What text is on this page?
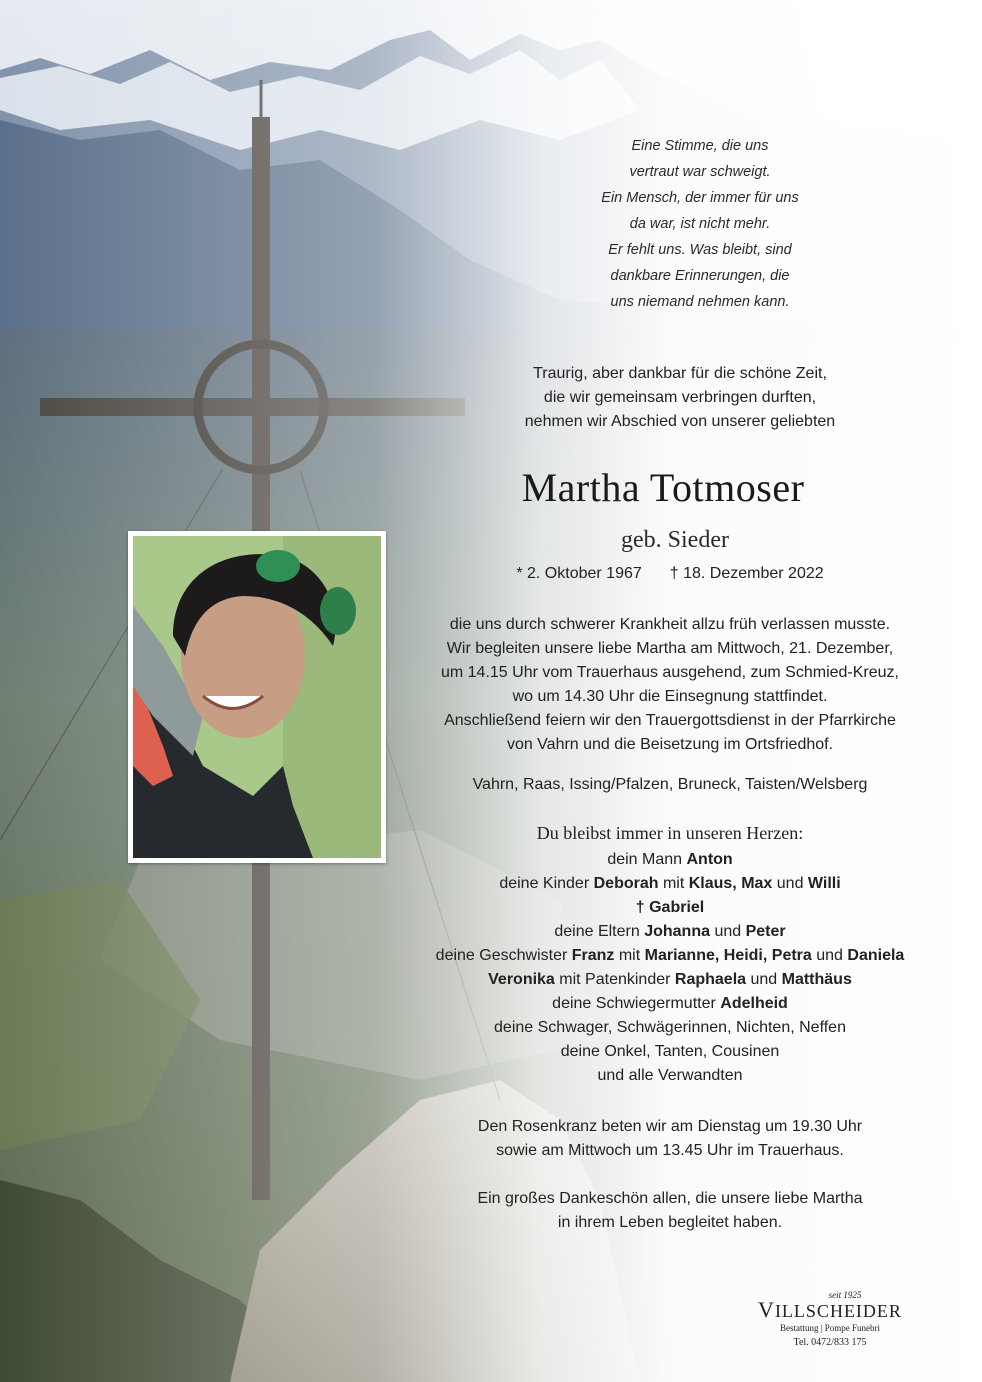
Eine Stimme, die uns
vertraut war schweigt.
Ein Mensch, der immer für uns
da war, ist nicht mehr.
Er fehlt uns. Was bleibt, sind
dankbare Erinnerungen, die
uns niemand nehmen kann.
Traurig, aber dankbar für die schöne Zeit,
die wir gemeinsam verbringen durften,
nehmen wir Abschied von unserer geliebten
Martha Totmoser
geb. Sieder
* 2. Oktober 1967 † 18. Dezember 2022
die uns durch schwerer Krankheit allzu früh verlassen musste.
Wir begleiten unsere liebe Martha am Mittwoch, 21. Dezember,
um 14.15 Uhr vom Trauerhaus ausgehend, zum Schmied-Kreuz,
wo um 14.30 Uhr die Einsegnung stattfindet.
Anschließend feiern wir den Trauergottsdienst in der Pfarrkirche
von Vahrn und die Beisetzung im Ortsfriedhof.
Vahrn, Raas, Issing/Pfalzen, Bruneck, Taisten/Welsberg
Du bleibst immer in unseren Herzen:
dein Mann Anton
deine Kinder Deborah mit Klaus, Max und Willi
† Gabriel
deine Eltern Johanna und Peter
deine Geschwister Franz mit Marianne, Heidi, Petra und Daniela
Veronika mit Patenkinder Raphaela und Matthäus
deine Schwiegermutter Adelheid
deine Schwager, Schwägerinnen, Nichten, Neffen
deine Onkel, Tanten, Cousinen
und alle Verwandten
Den Rosenkranz beten wir am Dienstag um 19.30 Uhr
sowie am Mittwoch um 13.45 Uhr im Trauerhaus.
Ein großes Dankeschön allen, die unsere liebe Martha
in ihrem Leben begleitet haben.
seit 1925
VILLSCHEIDER
Bestattung | Pompe Funebri
Tel. 0472/833 175
